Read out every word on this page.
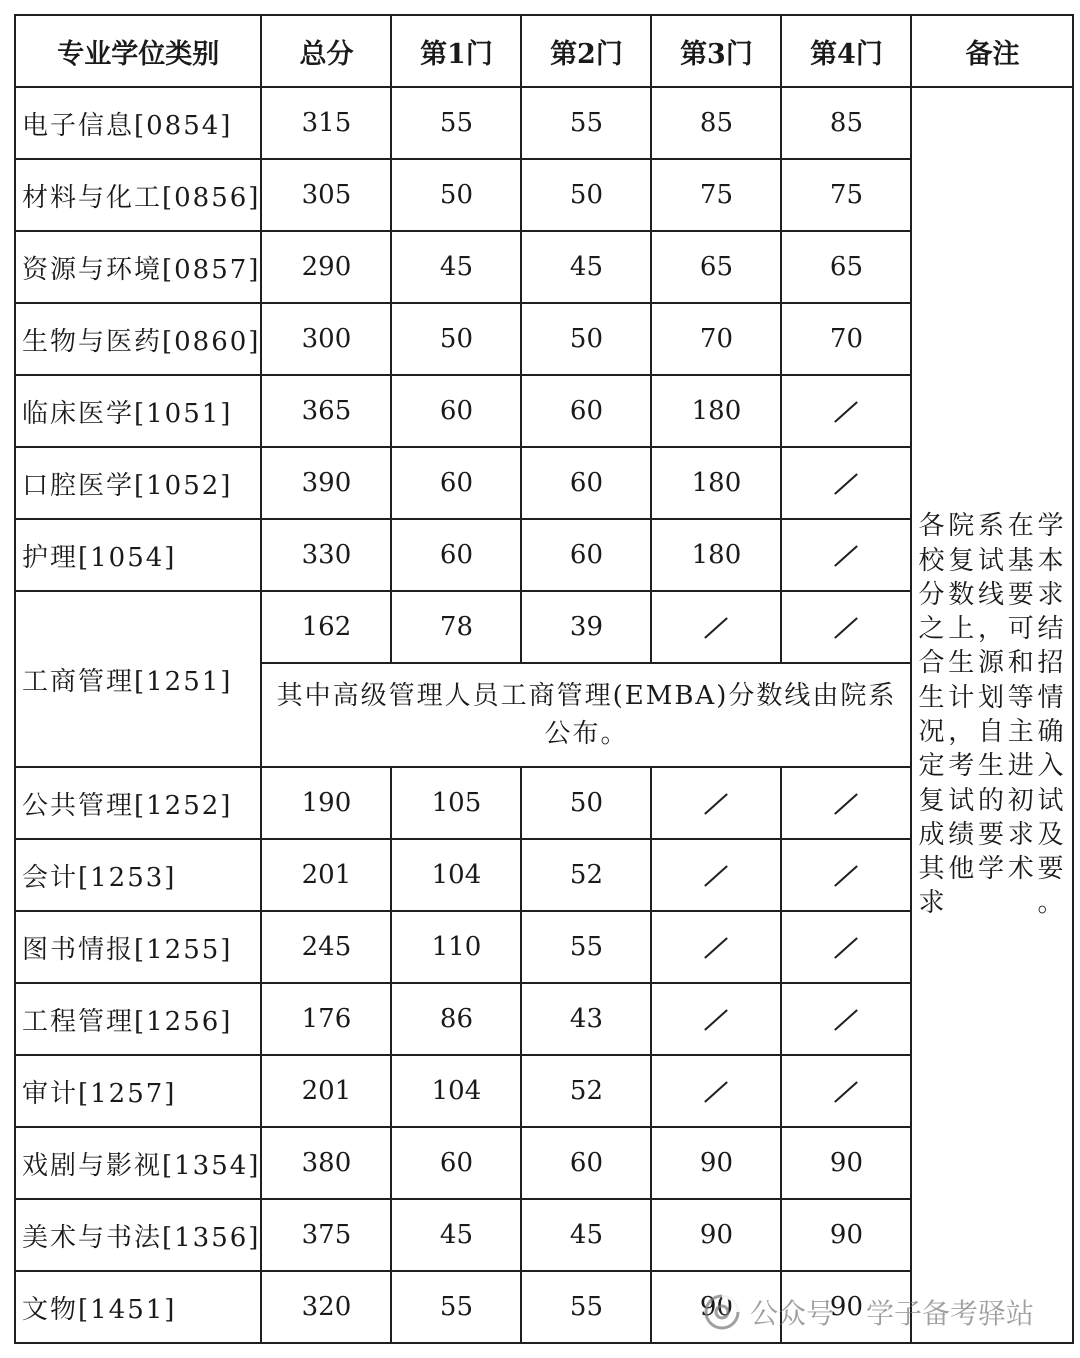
专业学位类别	总分	第1门	第2门	第3门	第4门	备注
电子信息[0854]	315	55	55	85	85	各院系在学校复试基本分数线要求之上，可结合生源和招生计划等情况，自主确定考生进入复试的初试成绩要求及其他学术要求。
材料与化工[0856]	305	50	50	75	75	
资源与环境[0857]	290	45	45	65	65	
生物与医药[0860]	300	50	50	70	70	
临床医学[1051]	365	60	60	180	
口腔医学[1052]	390	60	60	180	
护理[1054]	330	60	60	180	
工商管理[1251]	162	78	39		
	其中高级管理人员工商管理(EMBA)分数线由院系公布。					
公共管理[1252]	190	105	50		
会计[1253]	201	104	52		
图书情报[1255]	245	110	55		
工程管理[1256]	176	86	43		
审计[1257]	201	104	52		
戏剧与影视[1354]	380	60	60	90	90	
美术与书法[1356]	375	45	45	90	90	
文物[1451]	320	55	55	90	90	
公众号 学子备考驿站
